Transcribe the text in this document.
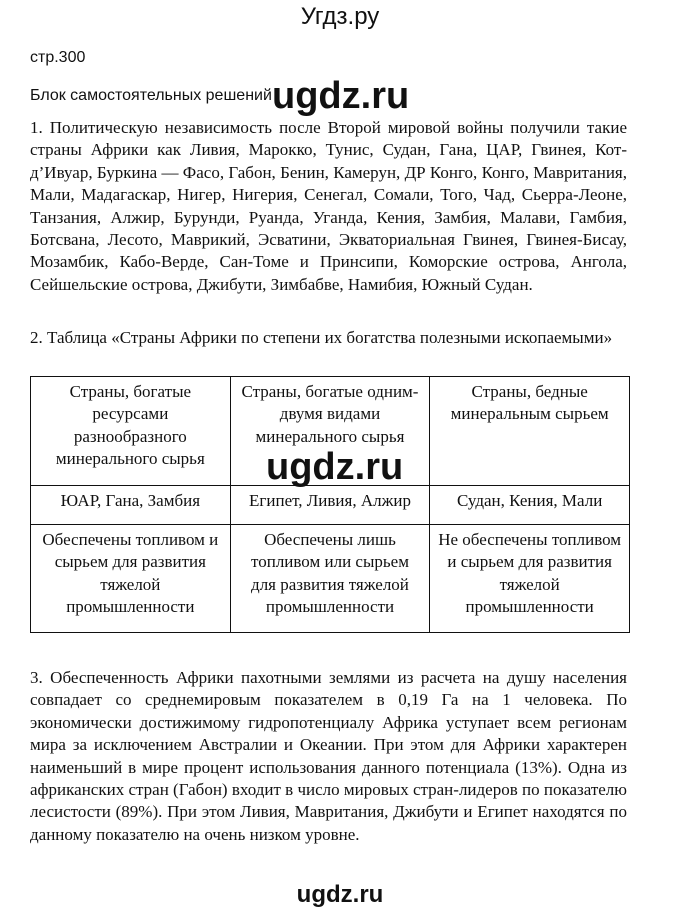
Угдз.ру
стр.300
Блок самостоятельных решений ugdz.ru
1. Политическую независимость после Второй мировой войны получили такие страны Африки как Ливия, Марокко, Тунис, Судан, Гана, ЦАР, Гвинея, Кот-д’Ивуар, Буркина — Фасо, Габон, Бенин, Камерун, ДР Конго, Конго, Мавритания, Мали, Мадагаскар, Нигер, Нигерия, Сенегал, Сомали, Того, Чад, Сьерра-Леоне, Танзания, Алжир, Бурунди, Руанда, Уганда, Кения, Замбия, Малави, Гамбия, Ботсвана, Лесото, Маврикий, Эсватини, Экваториальная Гвинея, Гвинея-Бисау, Мозамбик, Кабо-Верде, Сан-Томе и Принсипи, Коморские острова, Ангола, Сейшельские острова, Джибути, Зимбабве, Намибия, Южный Судан.
2. Таблица «Страны Африки по степени их богатства полезными ископаемыми»
Страны, богатые ресурсами разнообразного минерального сырья	Страны, богатые одним-двумя видами минерального сырья	Страны, бедные минеральным сырьем
ЮАР, Гана, Замбия	Египет, Ливия, Алжир	Судан, Кения, Мали
Обеспечены топливом и сырьем для развития тяжелой промышленности	Обеспечены лишь топливом или сырьем для развития тяжелой промышленности	Не обеспечены топливом и сырьем для развития тяжелой промышленности
ugdz.ru
3. Обеспеченность Африки пахотными землями из расчета на душу населения совпадает со среднемировым показателем в 0,19 Га на 1 человека. По экономически достижимому гидропотенциалу Африка уступает всем регионам мира за исключением Австралии и Океании. При этом для Африки характерен наименьший в мире процент использования данного потенциала (13%). Одна из африканских стран (Габон) входит в число мировых стран-лидеров по показателю лесистости (89%). При этом Ливия, Мавритания, Джибути и Египет находятся по данному показателю на очень низком уровне.
ugdz.ru
